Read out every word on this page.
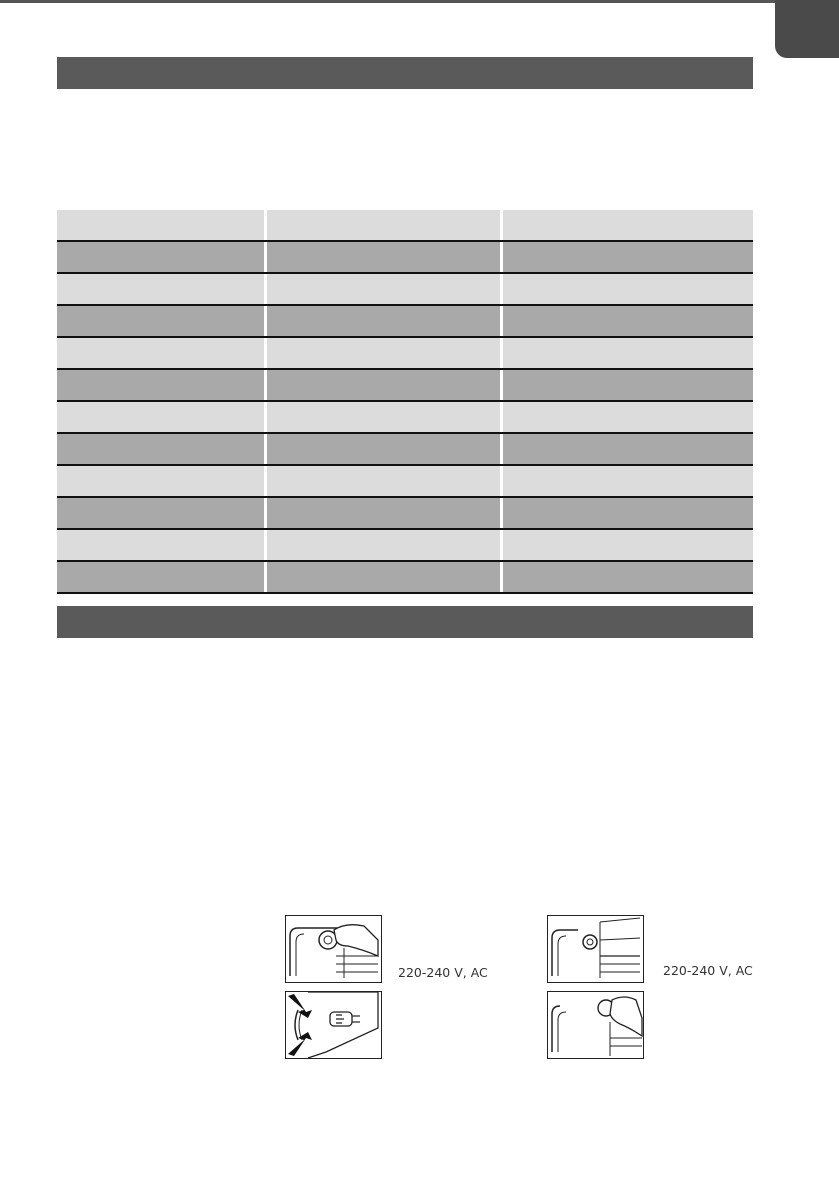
220-240 V, AC	220-240 V, AC
